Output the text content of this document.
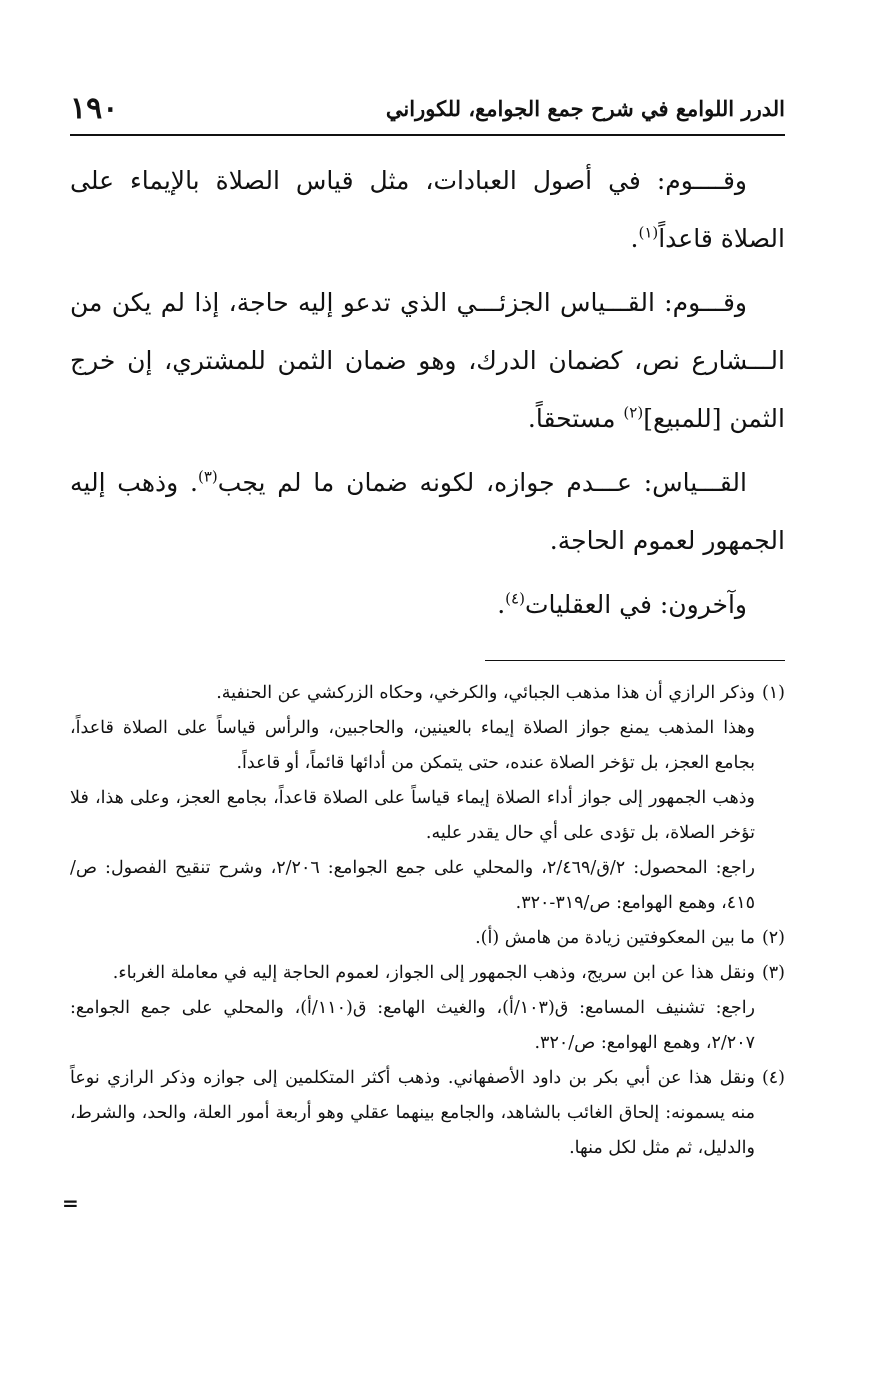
الدرر اللوامع في شرح جمع الجوامع، للكوراني
١٩٠

وقــــوم: في أصول العبادات، مثل قياس الصلاة بالإيماء على الصلاة قاعداً$^{(١)}$.

وقـــوم: القـــياس الجزئـــي الذي تدعو إليه حاجة، إذا لم يكن من الـــشارع نص، كضمان الدرك، وهو ضمان الثمن للمشتري، إن خرج الثمن [للمبيع]$^{(٢)}$ مستحقاً.

القـــياس: عـــدم جوازه، لكونه ضمان ما لم يجب$^{(٣)}$. وذهب إليه الجمهور لعموم الحاجة.

وآخرون: في العقليات$^{(٤)}$.

(١)
وذكر الرازي أن هذا مذهب الجبائي، والكرخي، وحكاه الزركشي عن الحنفية.
وهذا المذهب يمنع جواز الصلاة إيماء بالعينين، والحاجبين، والرأس قياساً على الصلاة قاعداً، بجامع العجز، بل تؤخر الصلاة عنده، حتى يتمكن من أدائها قائماً، أو قاعداً.
وذهب الجمهور إلى جواز أداء الصلاة إيماء قياساً على الصلاة قاعداً، بجامع العجز، وعلى هذا، فلا تؤخر الصلاة، بل تؤدى على أي حال يقدر عليه.
راجع: المحصول: ٢/ق/٢/٤٦٩، والمحلي على جمع الجوامع: ٢/٢٠٦، وشرح تنقيح الفصول: ص/٤١٥، وهمع الهوامع: ص/٣١٩-٣٢٠.
(٢)
ما بين المعكوفتين زيادة من هامش (أ).
(٣)
ونقل هذا عن ابن سريج، وذهب الجمهور إلى الجواز، لعموم الحاجة إليه في معاملة الغرباء.
راجع: تشنيف المسامع: ق(١٠٣/أ)، والغيث الهامع: ق(١١٠/أ)، والمحلي على جمع الجوامع: ٢/٢٠٧، وهمع الهوامع: ص/٣٢٠.
(٤)
ونقل هذا عن أبي بكر بن داود الأصفهاني. وذهب أكثر المتكلمين إلى جوازه وذكر الرازي نوعاً منه يسمونه: إلحاق الغائب بالشاهد، والجامع بينهما عقلي وهو أربعة أمور العلة، والحد، والشرط، والدليل، ثم مثل لكل منها.
=
